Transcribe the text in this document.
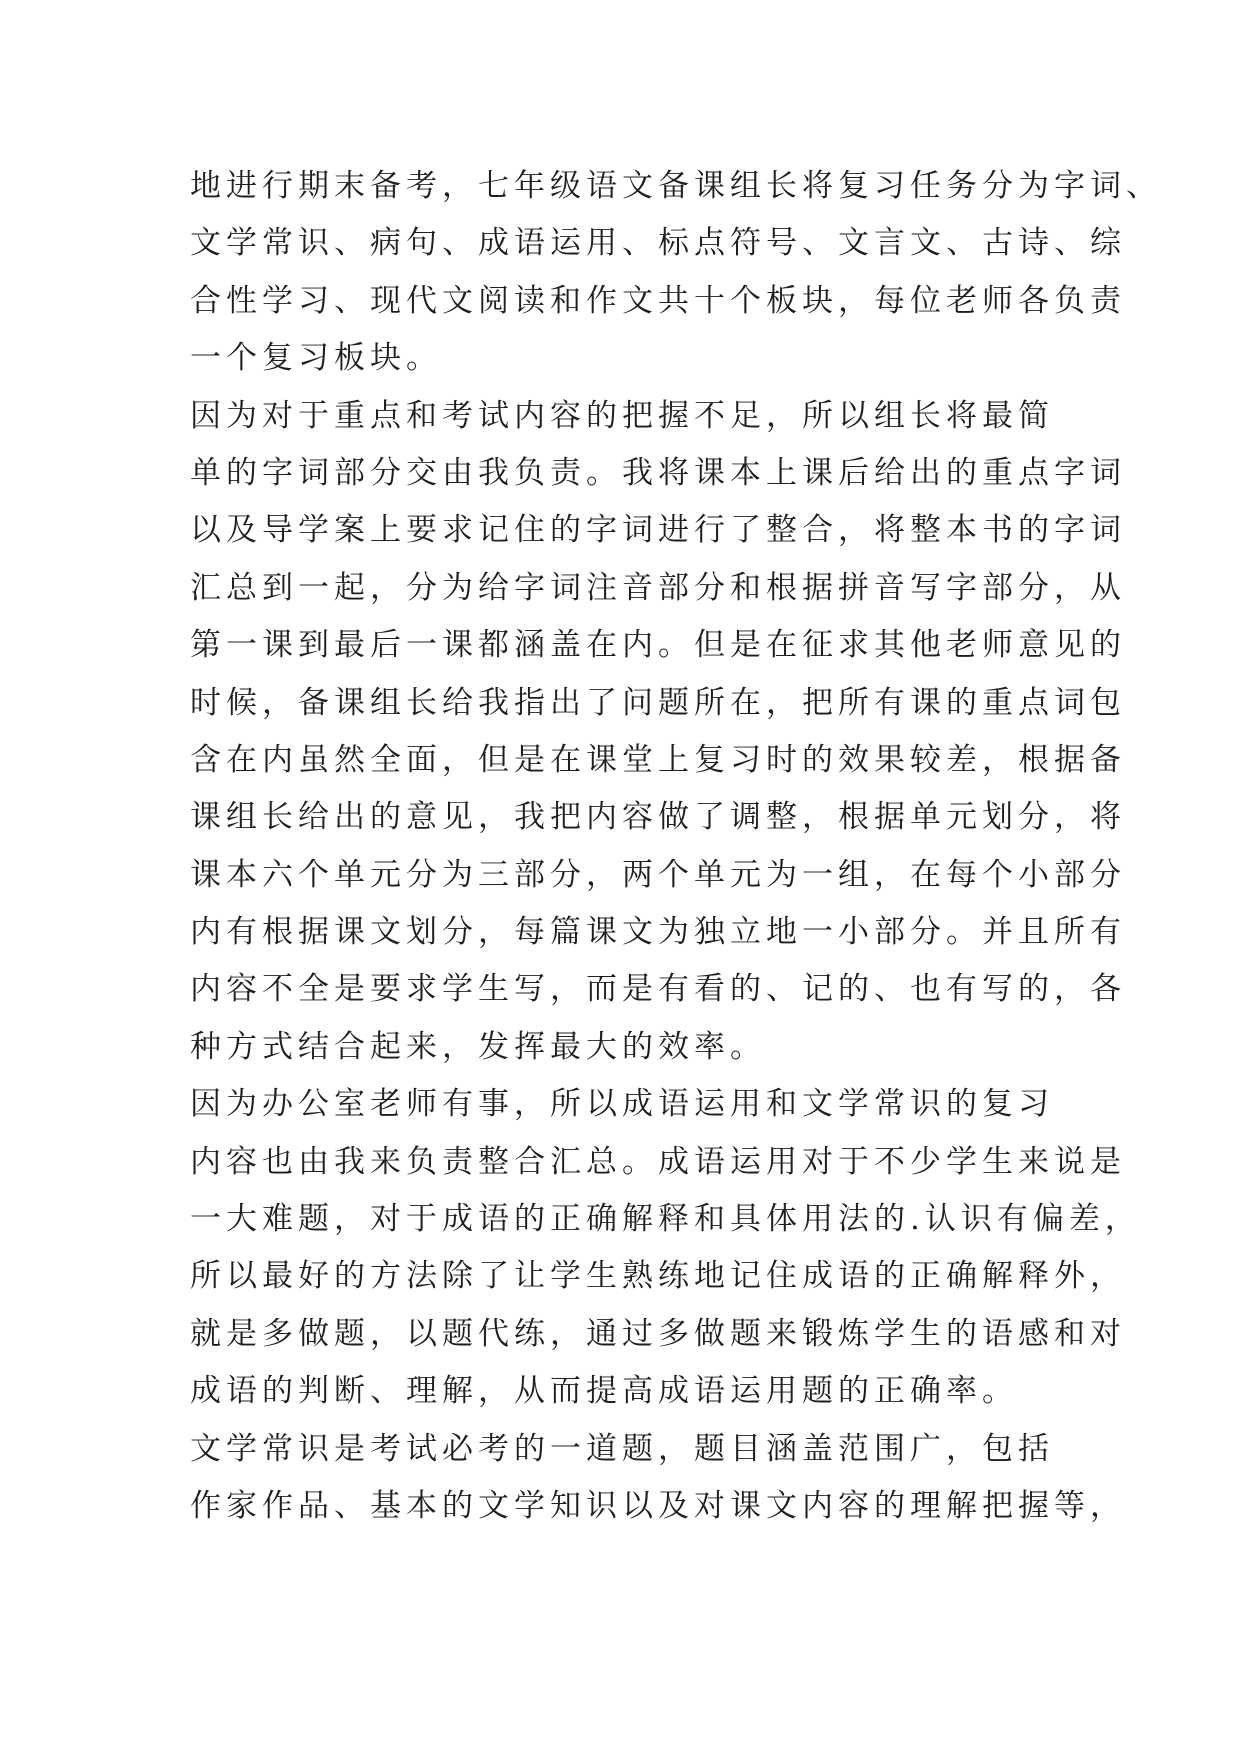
地进行期末备考，七年级语文备课组长将复习任务分为字词、
文学常识、病句、成语运用、标点符号、文言文、古诗、综
合性学习、现代文阅读和作文共十个板块，每位老师各负责
一个复习板块。
因为对于重点和考试内容的把握不足，所以组长将最简
单的字词部分交由我负责。我将课本上课后给出的重点字词
以及导学案上要求记住的字词进行了整合，将整本书的字词
汇总到一起，分为给字词注音部分和根据拼音写字部分，从
第一课到最后一课都涵盖在内。但是在征求其他老师意见的
时候，备课组长给我指出了问题所在，把所有课的重点词包
含在内虽然全面，但是在课堂上复习时的效果较差，根据备
课组长给出的意见，我把内容做了调整，根据单元划分，将
课本六个单元分为三部分，两个单元为一组，在每个小部分
内有根据课文划分，每篇课文为独立地一小部分。并且所有
内容不全是要求学生写，而是有看的、记的、也有写的，各
种方式结合起来，发挥最大的效率。
因为办公室老师有事，所以成语运用和文学常识的复习
内容也由我来负责整合汇总。成语运用对于不少学生来说是
一大难题，对于成语的正确解释和具体用法的.认识有偏差，
所以最好的方法除了让学生熟练地记住成语的正确解释外，
就是多做题，以题代练，通过多做题来锻炼学生的语感和对
成语的判断、理解，从而提高成语运用题的正确率。
文学常识是考试必考的一道题，题目涵盖范围广，包括
作家作品、基本的文学知识以及对课文内容的理解把握等，
